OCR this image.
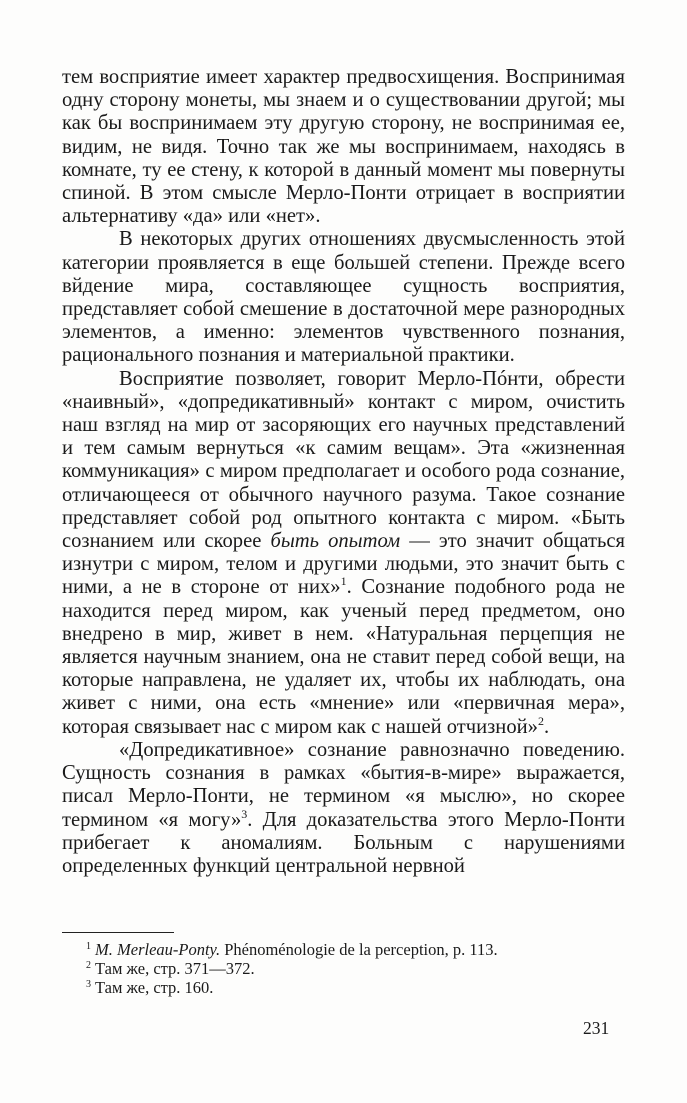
тем восприятие имеет характер предвосхищения. Воспринимая одну сторону монеты, мы знаем и о существовании другой; мы как бы воспринимаем эту другую сторону, не воспринимая ее, видим, не видя. Точно так же мы воспринимаем, находясь в комнате, ту ее стену, к которой в данный момент мы повернуты спиной. В этом смысле Мерло-Понти отрицает в восприятии альтернативу «да» или «нет».

В некоторых других отношениях двусмысленность этой категории проявляется в еще большей степени. Прежде всего вйдение мира, составляющее сущность восприятия, представляет собой смешение в достаточной мере разнородных элементов, а именно: элементов чувственного познания, рационального познания и материальной практики.

Восприятие позволяет, говорит Мерло-Пóнти, обрести «наивный», «допредикативный» контакт с миром, очистить наш взгляд на мир от засоряющих его научных представлений и тем самым вернуться «к самим вещам». Эта «жизненная коммуникация» с миром предполагает и особого рода сознание, отличающееся от обычного научного разума. Такое сознание представляет собой род опытного контакта с миром. «Быть сознанием или скорее быть опытом — это значит общаться изнутри с миром, телом и другими людьми, это значит быть с ними, а не в стороне от них»$^1$. Сознание подобного рода не находится перед миром, как ученый перед предметом, оно внедрено в мир, живет в нем. «Натуральная перцепция не является научным знанием, она не ставит перед собой вещи, на которые направлена, не удаляет их, чтобы их наблюдать, она живет с ними, она есть «мнение» или «первичная мера», которая связывает нас с миром как с нашей отчизной»$^2$.

«Допредикативное» сознание равнозначно поведению. Сущность сознания в рамках «бытия-в-мире» выражается, писал Мерло-Понти, не термином «я мыслю», но скорее термином «я могу»$^3$. Для доказательства этого Мерло-Понти прибегает к аномалиям. Больным с нарушениями определенных функций центральной нервной

$^1$ M. Merleau-Ponty. Phénoménologie de la perception, p. 113.
$^2$ Там же, стр. 371—372.
$^3$ Там же, стр. 160.
231
